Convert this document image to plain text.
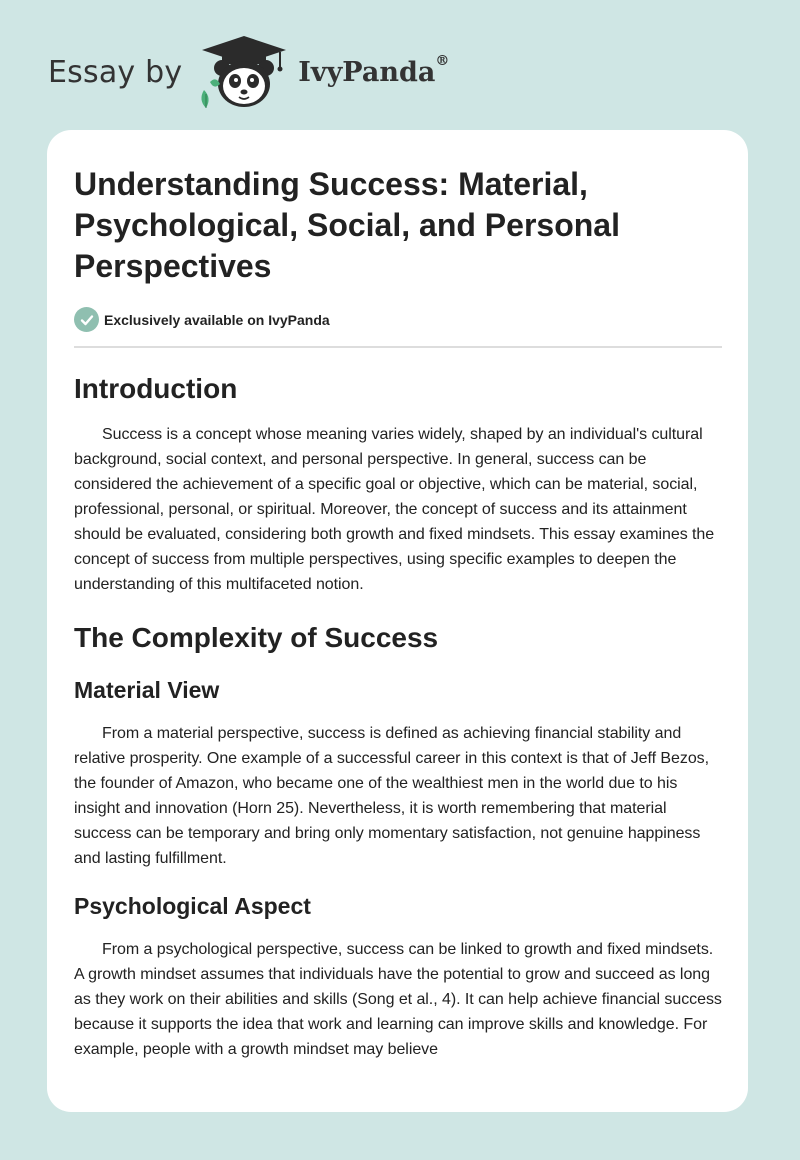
Essay by	IvyPanda®
Understanding Success: Material, Psychological, Social, and Personal Perspectives
Exclusively available on IvyPanda
Introduction

Success is a concept whose meaning varies widely, shaped by an individual's cultural background, social context, and personal perspective. In general, success can be considered the achievement of a specific goal or objective, which can be material, social, professional, personal, or spiritual. Moreover, the concept of success and its attainment should be evaluated, considering both growth and fixed mindsets. This essay examines the concept of success from multiple perspectives, using specific examples to deepen the understanding of this multifaceted notion.

The Complexity of Success
Material View

From a material perspective, success is defined as achieving financial stability and relative prosperity. One example of a successful career in this context is that of Jeff Bezos, the founder of Amazon, who became one of the wealthiest men in the world due to his insight and innovation (Horn 25). Nevertheless, it is worth remembering that material success can be temporary and bring only momentary satisfaction, not genuine happiness and lasting fulfillment.

Psychological Aspect

From a psychological perspective, success can be linked to growth and fixed mindsets. A growth mindset assumes that individuals have the potential to grow and succeed as long as they work on their abilities and skills (Song et al., 4). It can help achieve financial success because it supports the idea that work and learning can improve skills and knowledge. For example, people with a growth mindset may believe
